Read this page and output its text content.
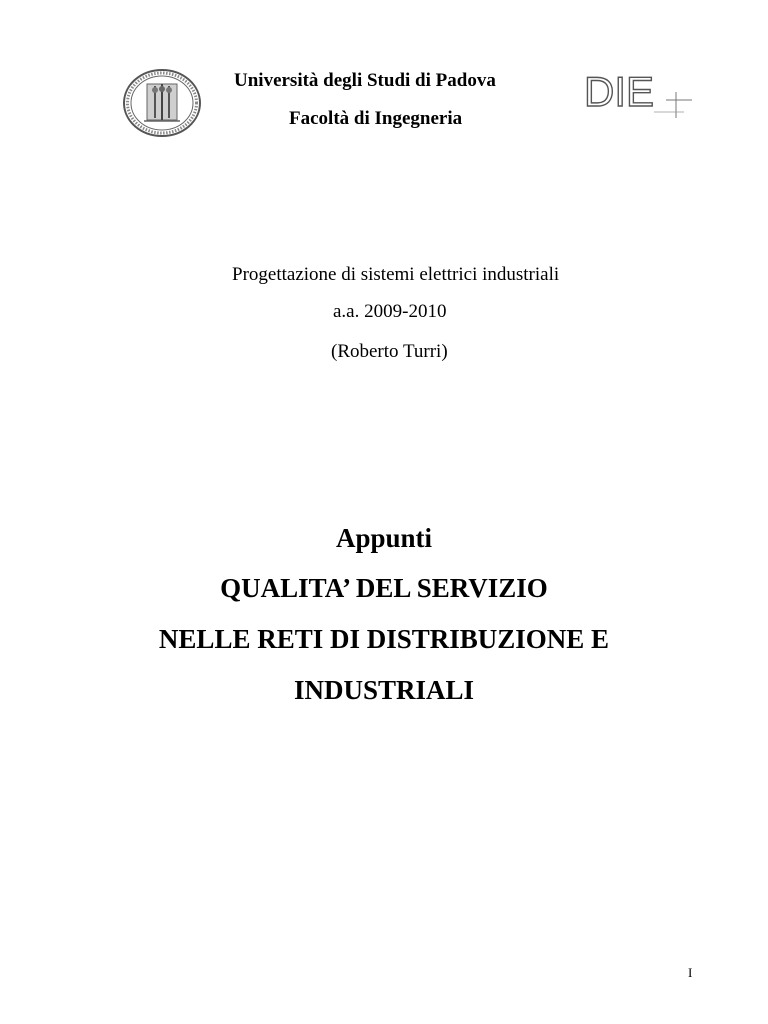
Università degli Studi di Padova
Facoltà di Ingegneria
DIE
Progettazione di sistemi elettrici industriali
a.a. 2009-2010
(Roberto Turri)
Appunti
QUALITA’ DEL SERVIZIO
NELLE RETI DI DISTRIBUZIONE E
INDUSTRIALI
I
